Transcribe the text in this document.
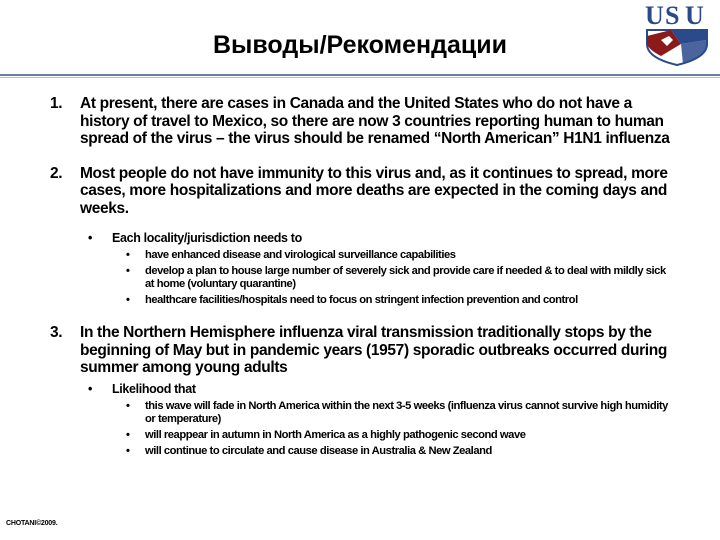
U S U
Выводы/Рекомендации
1. At present, there are cases in Canada and the United States who do not have a history of travel to Mexico, so there are now 3 countries reporting human to human spread of the virus – the virus should be renamed “North American” H1N1 influenza
2. Most people do not have immunity to this virus and, as it continues to spread, more cases, more hospitalizations and more deaths are expected in the coming days and weeks.
• Each locality/jurisdiction needs to
• have enhanced disease and virological surveillance capabilities
• develop a plan to house large number of severely sick and provide care if needed & to deal with mildly sick at home (voluntary quarantine)
• healthcare facilities/hospitals need to focus on stringent infection prevention and control
3. In the Northern Hemisphere influenza viral transmission traditionally stops by the beginning of May but in pandemic years (1957) sporadic outbreaks occurred during summer among young adults
• Likelihood that
• this wave will fade in North America within the next 3-5 weeks (influenza virus cannot survive high humidity or temperature)
• will reappear in autumn in North America as a highly pathogenic second wave
• will continue to circulate and cause disease in Australia & New Zealand
CHOTANI©2009.
